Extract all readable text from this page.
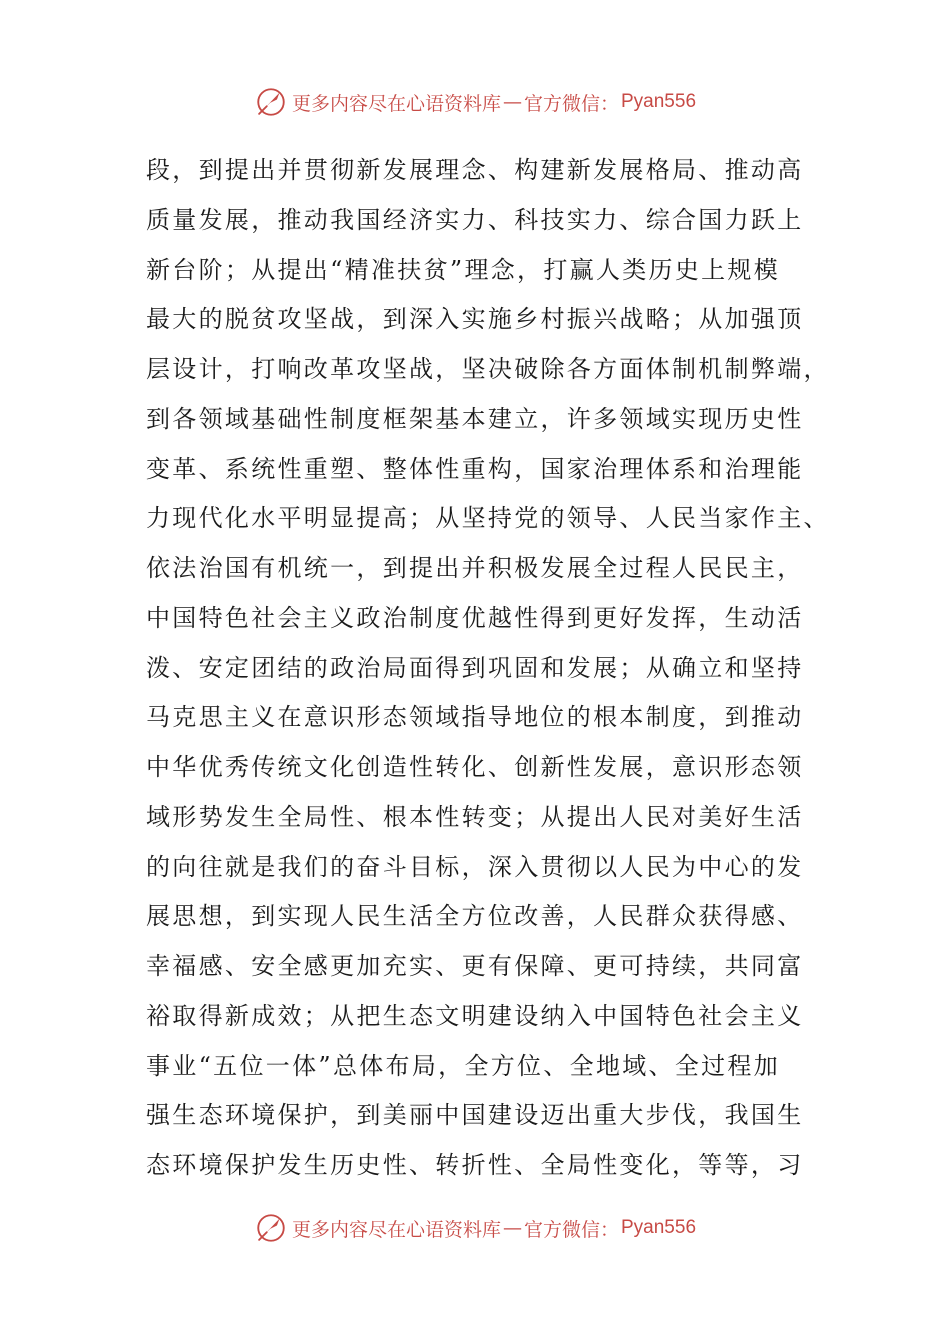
更多内容尽在心语资料库 — 官方微信： Pyan556
段，到提出并贯彻新发展理念、构建新发展格局、推动高
质量发展，推动我国经济实力、科技实力、综合国力跃上
新台阶；从提出“精准扶贫”理念，打赢人类历史上规模
最大的脱贫攻坚战，到深入实施乡村振兴战略；从加强顶
层设计，打响改革攻坚战，坚决破除各方面体制机制弊端，
到各领域基础性制度框架基本建立，许多领域实现历史性
变革、系统性重塑、整体性重构，国家治理体系和治理能
力现代化水平明显提高；从坚持党的领导、人民当家作主、
依法治国有机统一，到提出并积极发展全过程人民民主，
中国特色社会主义政治制度优越性得到更好发挥，生动活
泼、安定团结的政治局面得到巩固和发展；从确立和坚持
马克思主义在意识形态领域指导地位的根本制度，到推动
中华优秀传统文化创造性转化、创新性发展，意识形态领
域形势发生全局性、根本性转变；从提出人民对美好生活
的向往就是我们的奋斗目标，深入贯彻以人民为中心的发
展思想，到实现人民生活全方位改善，人民群众获得感、
幸福感、安全感更加充实、更有保障、更可持续，共同富
裕取得新成效；从把生态文明建设纳入中国特色社会主义
事业“五位一体”总体布局，全方位、全地域、全过程加
强生态环境保护，到美丽中国建设迈出重大步伐，我国生
态环境保护发生历史性、转折性、全局性变化，等等，习
更多内容尽在心语资料库 — 官方微信： Pyan556
